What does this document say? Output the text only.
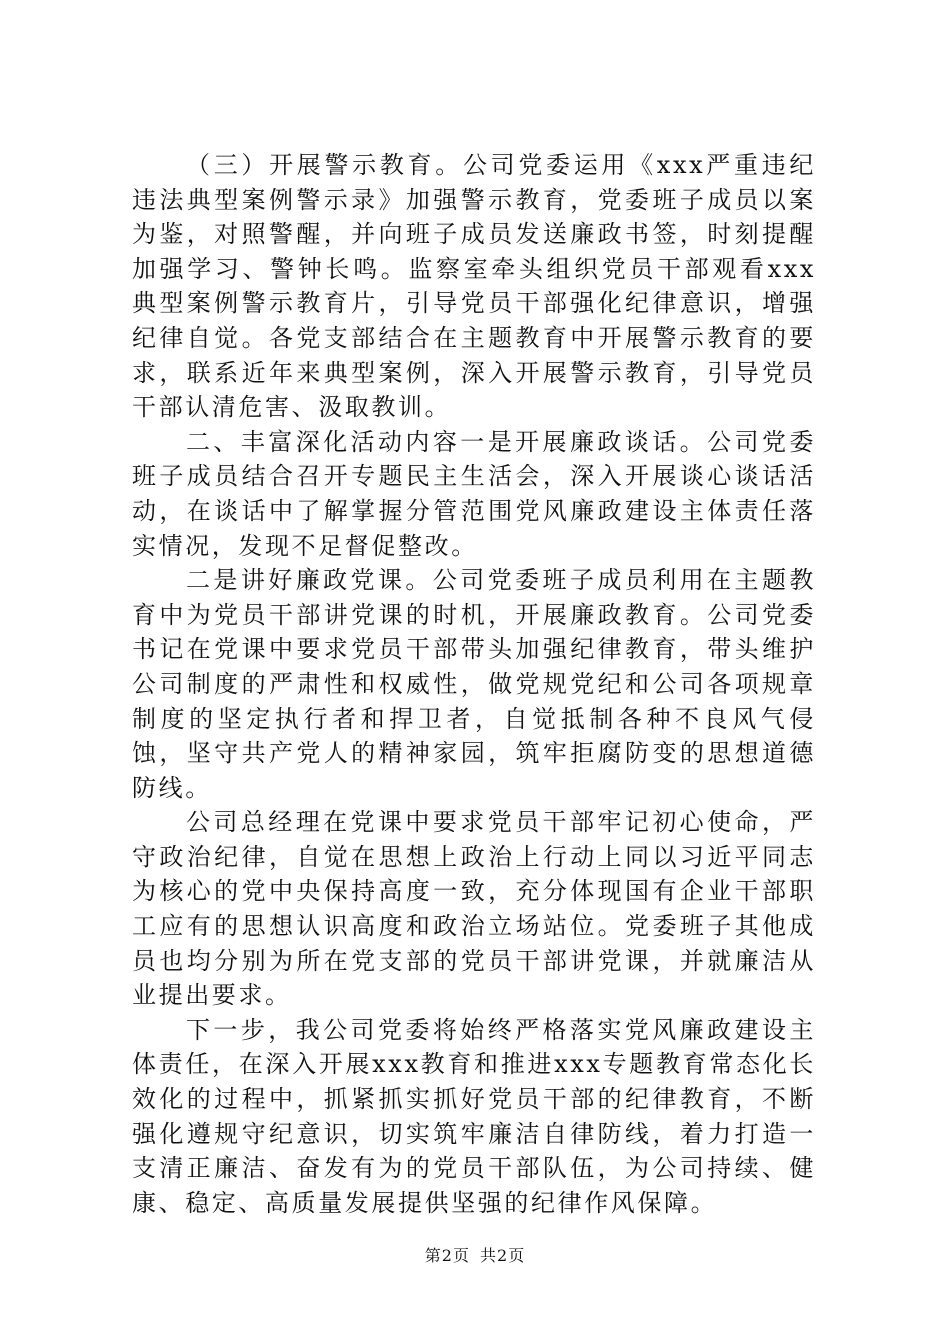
（三）开展警示教育。公司党委运用《xxx严重违纪违法典型案例警示录》加强警示教育，党委班子成员以案为鉴，对照警醒，并向班子成员发送廉政书签，时刻提醒加强学习、警钟长鸣。监察室牵头组织党员干部观看xxx典型案例警示教育片，引导党员干部强化纪律意识，增强纪律自觉。各党支部结合在主题教育中开展警示教育的要求，联系近年来典型案例，深入开展警示教育，引导党员干部认清危害、汲取教训。

二、丰富深化活动内容一是开展廉政谈话。公司党委班子成员结合召开专题民主生活会，深入开展谈心谈话活动，在谈话中了解掌握分管范围党风廉政建设主体责任落实情况，发现不足督促整改。

二是讲好廉政党课。公司党委班子成员利用在主题教育中为党员干部讲党课的时机，开展廉政教育。公司党委书记在党课中要求党员干部带头加强纪律教育，带头维护公司制度的严肃性和权威性，做党规党纪和公司各项规章制度的坚定执行者和捍卫者，自觉抵制各种不良风气侵蚀，坚守共产党人的精神家园，筑牢拒腐防变的思想道德防线。

公司总经理在党课中要求党员干部牢记初心使命，严守政治纪律，自觉在思想上政治上行动上同以习近平同志为核心的党中央保持高度一致，充分体现国有企业干部职工应有的思想认识高度和政治立场站位。党委班子其他成员也均分别为所在党支部的党员干部讲党课，并就廉洁从业提出要求。

下一步，我公司党委将始终严格落实党风廉政建设主体责任，在深入开展xxx教育和推进xxx专题教育常态化长效化的过程中，抓紧抓实抓好党员干部的纪律教育，不断强化遵规守纪意识，切实筑牢廉洁自律防线，着力打造一支清正廉洁、奋发有为的党员干部队伍，为公司持续、健康、稳定、高质量发展提供坚强的纪律作风保障。

第2页 共2页
